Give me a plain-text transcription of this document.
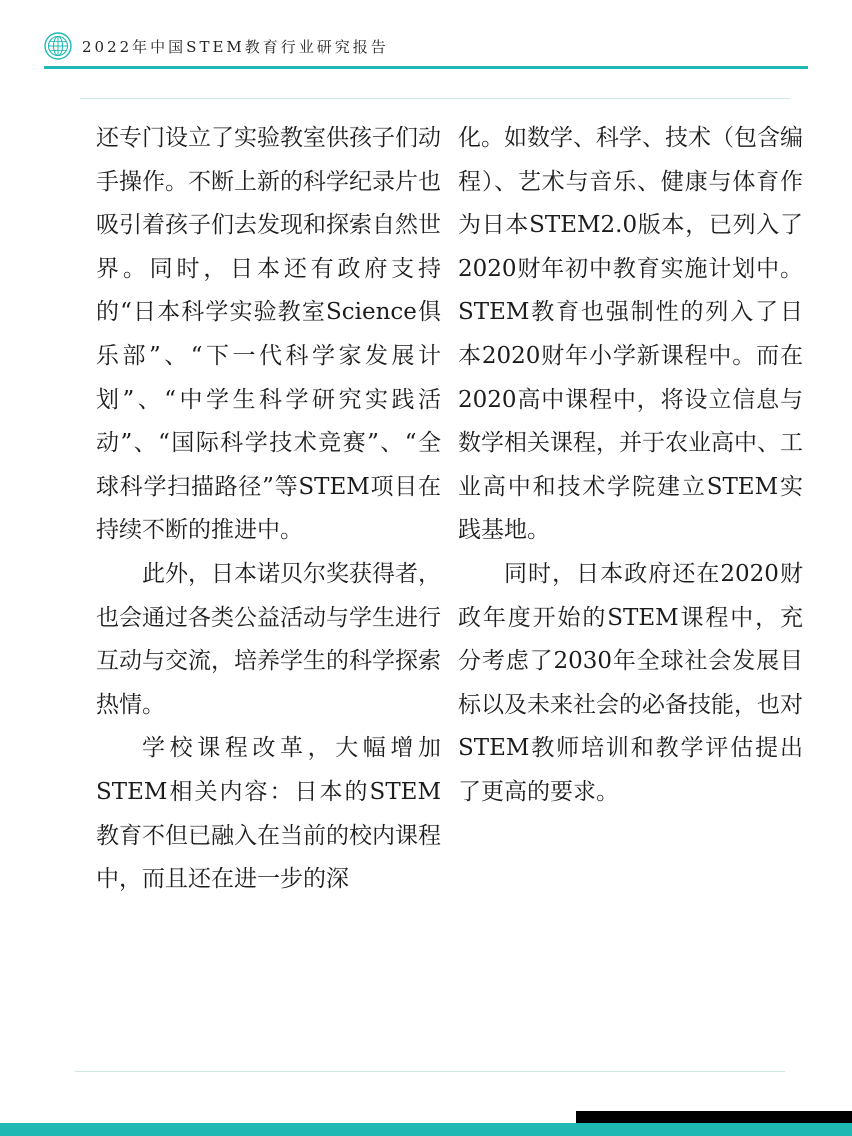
2022年中国STEM教育行业研究报告

还专门设立了实验教室供孩子们动手操作。不断上新的科学纪录片也吸引着孩子们去发现和探索自然世界。同时，日本还有政府支持的“日本科学实验教室Science俱乐部”、“下一代科学家发展计划”、“中学生科学研究实践活动”、“国际科学技术竞赛”、“全球科学扫描路径”等STEM项目在持续不断的推进中。

此外，日本诺贝尔奖获得者，也会通过各类公益活动与学生进行互动与交流，培养学生的科学探索热情。

学校课程改革，大幅增加STEM相关内容：日本的STEM教育不但已融入在当前的校内课程中，而且还在进一步的深

化。如数学、科学、技术（包含编程）、艺术与音乐、健康与体育作为日本STEM2.0版本，已列入了2020财年初中教育实施计划中。STEM教育也强制性的列入了日本2020财年小学新课程中。而在2020高中课程中，将设立信息与数学相关课程，并于农业高中、工业高中和技术学院建立STEM实践基地。

同时，日本政府还在2020财政年度开始的STEM课程中，充分考虑了2030年全球社会发展目标以及未来社会的必备技能，也对STEM教师培训和教学评估提出了更高的要求。
